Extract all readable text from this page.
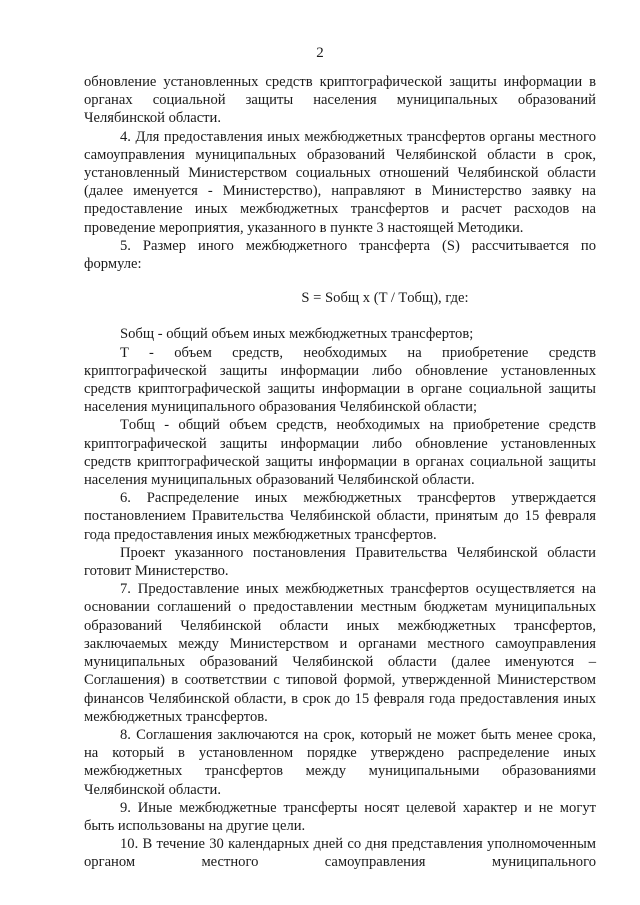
2

обновление установленных средств криптографической защиты информации в органах социальной защиты населения муниципальных образований Челябинской области.

4. Для предоставления иных межбюджетных трансфертов органы местного самоуправления муниципальных образований Челябинской области в срок, установленный Министерством социальных отношений Челябинской области (далее именуется - Министерство), направляют в Министерство заявку на предоставление иных межбюджетных трансфертов и расчет расходов на проведение мероприятия, указанного в пункте 3 настоящей Методики.

5. Размер иного межбюджетного трансферта (S) рассчитывается по формуле:

S = Sобщ x (T / Tобщ), где:

Sобщ - общий объем иных межбюджетных трансфертов;

T - объем средств, необходимых на приобретение средств криптографической защиты информации либо обновление установленных средств криптографической защиты информации в органе социальной защиты населения муниципального образования Челябинской области;

Tобщ - общий объем средств, необходимых на приобретение средств криптографической защиты информации либо обновление установленных средств криптографической защиты информации в органах социальной защиты населения муниципальных образований Челябинской области.

6. Распределение иных межбюджетных трансфертов утверждается постановлением Правительства Челябинской области, принятым до 15 февраля года предоставления иных межбюджетных трансфертов.

Проект указанного постановления Правительства Челябинской области готовит Министерство.

7. Предоставление иных межбюджетных трансфертов осуществляется на основании соглашений о предоставлении местным бюджетам муниципальных образований Челябинской области иных межбюджетных трансфертов, заключаемых между Министерством и органами местного самоуправления муниципальных образований Челябинской области (далее именуются – Соглашения) в соответствии с типовой формой, утвержденной Министерством финансов Челябинской области, в срок до 15 февраля года предоставления иных межбюджетных трансфертов.

8. Соглашения заключаются на срок, который не может быть менее срока, на который в установленном порядке утверждено распределение иных межбюджетных трансфертов между муниципальными образованиями Челябинской области.

9. Иные межбюджетные трансферты носят целевой характер и не могут быть использованы на другие цели.

10. В течение 30 календарных дней со дня представления уполномоченным органом местного самоуправления муниципального
